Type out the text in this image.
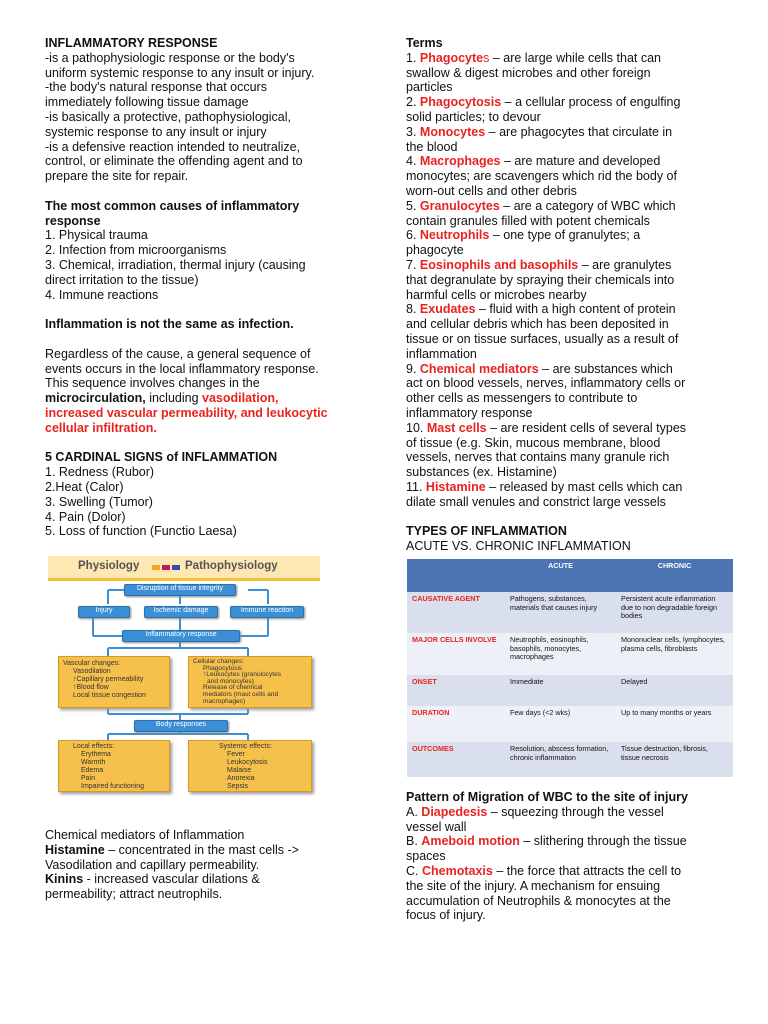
INFLAMMATORY RESPONSE

-is a pathophysiologic response or the body's

uniform systemic response to any insult or injury.

-the body's natural response that occurs

immediately following tissue damage

-is basically a protective, pathophysiological,

systemic response to any insult or injury

-is a defensive reaction intended to neutralize,

control, or eliminate the offending agent and to

prepare the site for repair.

The most common causes of inflammatory

response

1. Physical trauma

2. Infection from microorganisms

3. Chemical, irradiation, thermal injury (causing

direct irritation to the tissue)

4. Immune reactions

Inflammation is not the same as infection.

Regardless of the cause, a general sequence of

events occurs in the local inflammatory response.

This sequence involves changes in the

microcirculation, including vasodilation,

increased vascular permeability, and leukocytic

cellular infiltration.

5 CARDINAL SIGNS of INFLAMMATION

1. Redness (Rubor)

2.Heat (Calor)

3. Swelling (Tumor)

4. Pain (Dolor)

5. Loss of function (Functio Laesa)

Physiology	Pathophysiology
Disruption of tissue integrity
Injury	Ischemic damage	Immune reaction
Inflammatory response
Vascular changes:
Vasodilation
↑Capillary permeability
↑Blood flow
Local tissue congestion
Cellular changes:
Phagocytosis
↑Leukocytes (granulocytes
and monocytes)
Release of chemical
mediators (mast cells and
macrophages)
Body responses
Local effects:
Erythema
Warmth
Edema
Pain
Impaired functioning
Systemic effects:
Fever
Leukocytosis
Malaise
Anorexia
Sepsis

Chemical mediators of Inflammation

Histamine – concentrated in the mast cells ->

Vasodilation and capillary permeability.

Kinins - increased vascular dilations &

permeability; attract neutrophils.

Terms

1. Phagocytes – are large while cells that can

swallow & digest microbes and other foreign

particles

2. Phagocytosis – a cellular process of engulfing

solid particles; to devour

3. Monocytes – are phagocytes that circulate in

the blood

4. Macrophages – are mature and developed

monocytes; are scavengers which rid the body of

worn-out cells and other debris

5. Granulocytes – are a category of WBC which

contain granules filled with potent chemicals

6. Neutrophils – one type of granulytes; a

phagocyte

7. Eosinophils and basophils – are granulytes

that degranulate by spraying their chemicals into

harmful cells or microbes nearby

8. Exudates – fluid with a high content of protein

and cellular debris which has been deposited in

tissue or on tissue surfaces, usually as a result of

inflammation

9. Chemical mediators – are substances which

act on blood vessels, nerves, inflammatory cells or

other cells as messengers to contribute to

inflammatory response

10. Mast cells – are resident cells of several types

of tissue (e.g. Skin, mucous membrane, blood

vessels, nerves that contains many granule rich

substances (ex. Histamine)

11. Histamine – released by mast cells which can

dilate small venules and constrict large vessels

TYPES OF INFLAMMATION

ACUTE VS. CHRONIC INFLAMMATION

	ACUTE	CHRONIC
CAUSATIVE AGENT	Pathogens, substances, materials that causes injury	Persistent acute inflammation due to non degradable foreign bodies
MAJOR CELLS INVOLVE	Neutrophils, eosinophils, basophils, monocytes, macrophages	Mononuclear cells, lymphocytes, plasma cells, fibroblasts
ONSET	Immediate	Delayed
DURATION	Few days (<2 wks)	Up to many months or years
OUTCOMES	Resolution, abscess formation, chronic inflammation	Tissue destruction, fibrosis, tissue necrosis

Pattern of Migration of WBC to the site of injury

A. Diapedesis – squeezing through the vessel

vessel wall

B. Ameboid motion – slithering through the tissue

spaces

C. Chemotaxis – the force that attracts the cell to

the site of the injury. A mechanism for ensuing

accumulation of Neutrophils & monocytes at the

focus of injury.
